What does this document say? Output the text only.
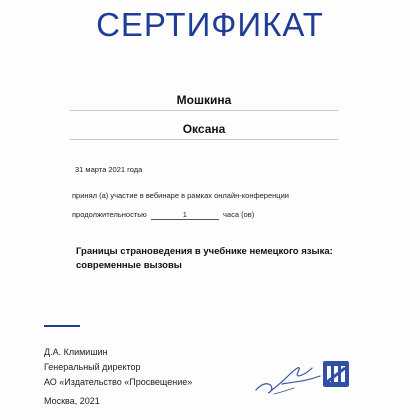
СЕРТИФИКАТ
Мошкина
Оксана
31 марта 2021 года
принял (а) участие в вебинаре в рамках онлайн-конференции
продолжительностью	1	часа (ов)
Границы страноведения в учебнике немецкого языка: современные вызовы
Д.А. Климишин
Генеральный директор
АО «Издательство «Просвещение»
Москва, 2021
